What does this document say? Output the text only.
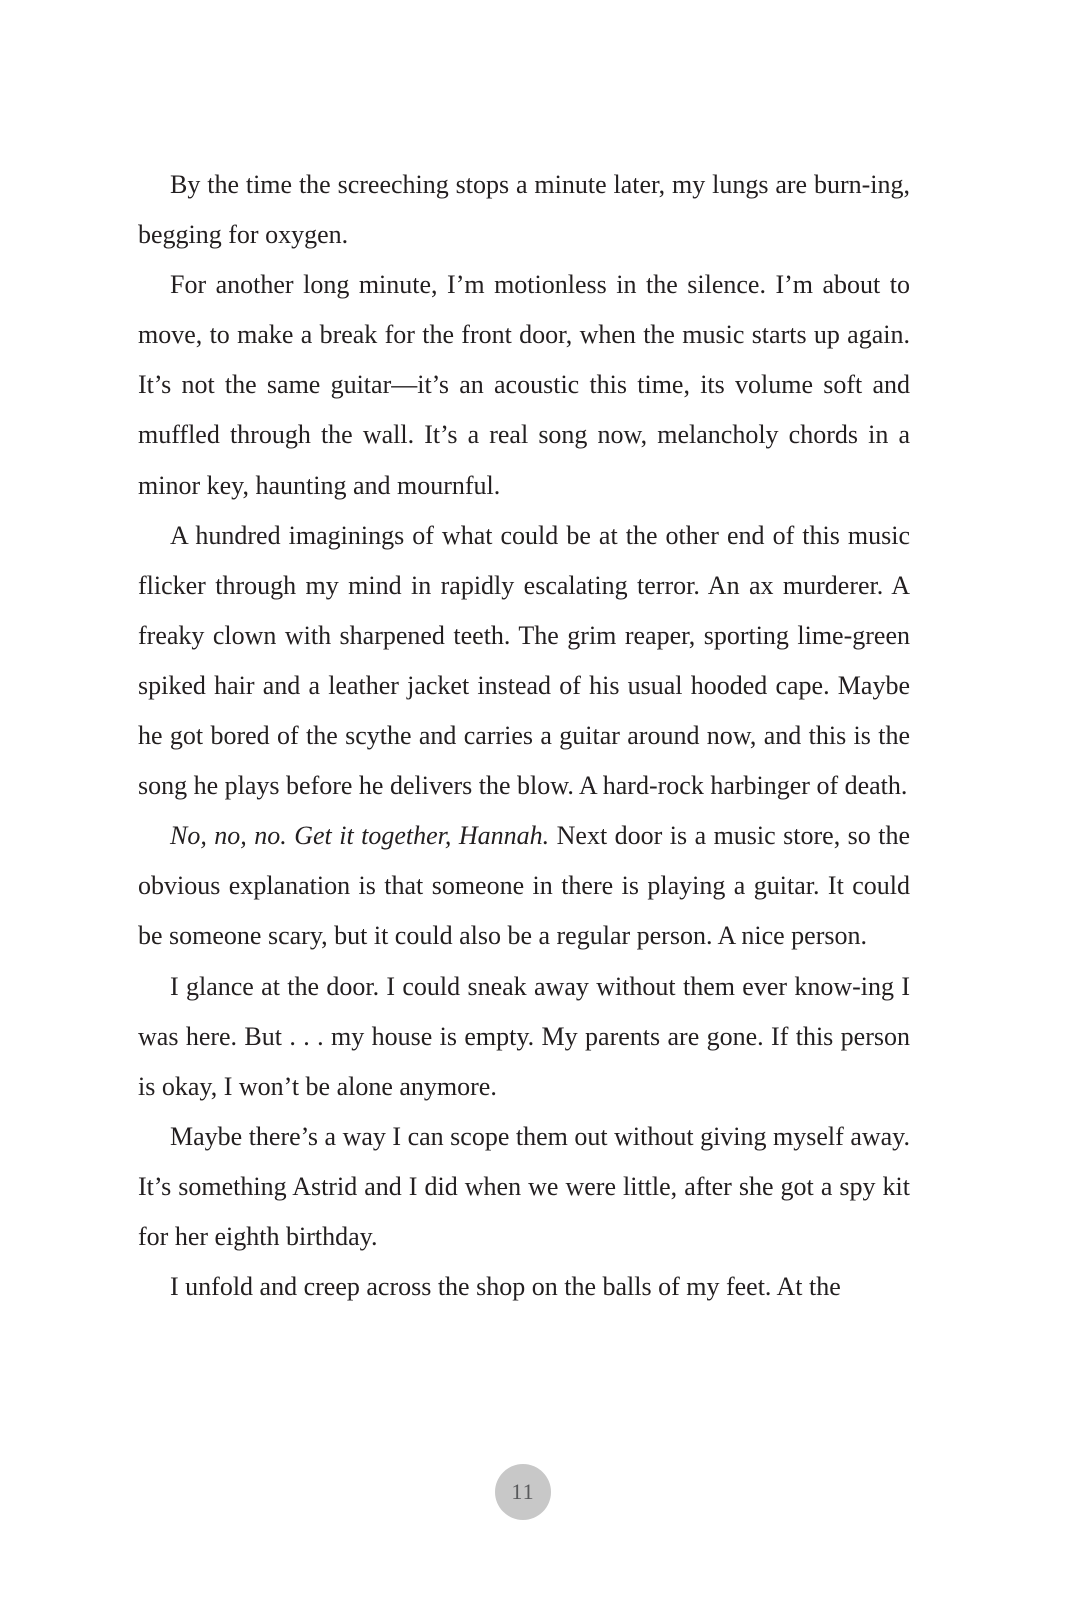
By the time the screeching stops a minute later, my lungs are burn-ing, begging for oxygen.

For another long minute, I’m motionless in the silence. I’m about to move, to make a break for the front door, when the music starts up again. It’s not the same guitar—it’s an acoustic this time, its volume soft and muffled through the wall. It’s a real song now, melancholy chords in a minor key, haunting and mournful.

A hundred imaginings of what could be at the other end of this music flicker through my mind in rapidly escalating terror. An ax murderer. A freaky clown with sharpened teeth. The grim reaper, sporting lime-green spiked hair and a leather jacket instead of his usual hooded cape. Maybe he got bored of the scythe and carries a guitar around now, and this is the song he plays before he delivers the blow. A hard-rock harbinger of death.

No, no, no. Get it together, Hannah. Next door is a music store, so the obvious explanation is that someone in there is playing a guitar. It could be someone scary, but it could also be a regular person. A nice person.

I glance at the door. I could sneak away without them ever know-ing I was here. But . . . my house is empty. My parents are gone. If this person is okay, I won’t be alone anymore.

Maybe there’s a way I can scope them out without giving myself away. It’s something Astrid and I did when we were little, after she got a spy kit for her eighth birthday.

I unfold and creep across the shop on the balls of my feet. At the

11
